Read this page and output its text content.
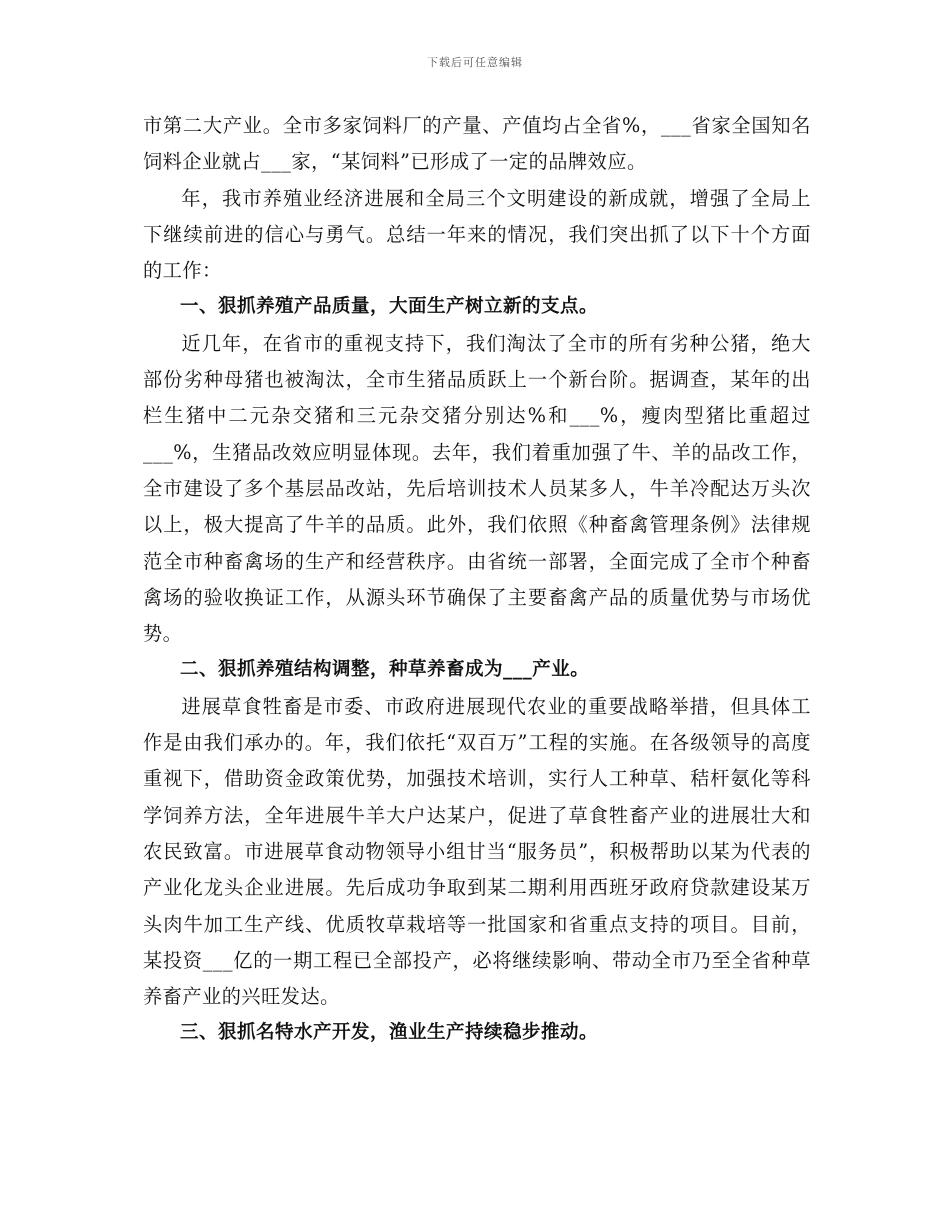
下载后可任意编辑

市第二大产业。全市多家饲料厂的产量、产值均占全省%，___省家全国知名饲料企业就占___家，“某饲料”已形成了一定的品牌效应。

年，我市养殖业经济进展和全局三个文明建设的新成就，增强了全局上下继续前进的信心与勇气。总结一年来的情况，我们突出抓了以下十个方面的工作：

一、狠抓养殖产品质量，大面生产树立新的支点。

近几年，在省市的重视支持下，我们淘汰了全市的所有劣种公猪，绝大部份劣种母猪也被淘汰，全市生猪品质跃上一个新台阶。据调查，某年的出栏生猪中二元杂交猪和三元杂交猪分别达%和___%，瘦肉型猪比重超过___%，生猪品改效应明显体现。去年，我们着重加强了牛、羊的品改工作，全市建设了多个基层品改站，先后培训技术人员某多人，牛羊冷配达万头次以上，极大提高了牛羊的品质。此外，我们依照《种畜禽管理条例》法律规范全市种畜禽场的生产和经营秩序。由省统一部署，全面完成了全市个种畜禽场的验收换证工作，从源头环节确保了主要畜禽产品的质量优势与市场优势。

二、狠抓养殖结构调整，种草养畜成为___产业。

进展草食牲畜是市委、市政府进展现代农业的重要战略举措，但具体工作是由我们承办的。年，我们依托“双百万”工程的实施。在各级领导的高度重视下，借助资金政策优势，加强技术培训，实行人工种草、秸杆氨化等科学饲养方法，全年进展牛羊大户达某户，促进了草食牲畜产业的进展壮大和农民致富。市进展草食动物领导小组甘当“服务员”，积极帮助以某为代表的产业化龙头企业进展。先后成功争取到某二期利用西班牙政府贷款建设某万头肉牛加工生产线、优质牧草栽培等一批国家和省重点支持的项目。目前，某投资___亿的一期工程已全部投产，必将继续影响、带动全市乃至全省种草养畜产业的兴旺发达。

三、狠抓名特水产开发，渔业生产持续稳步推动。
